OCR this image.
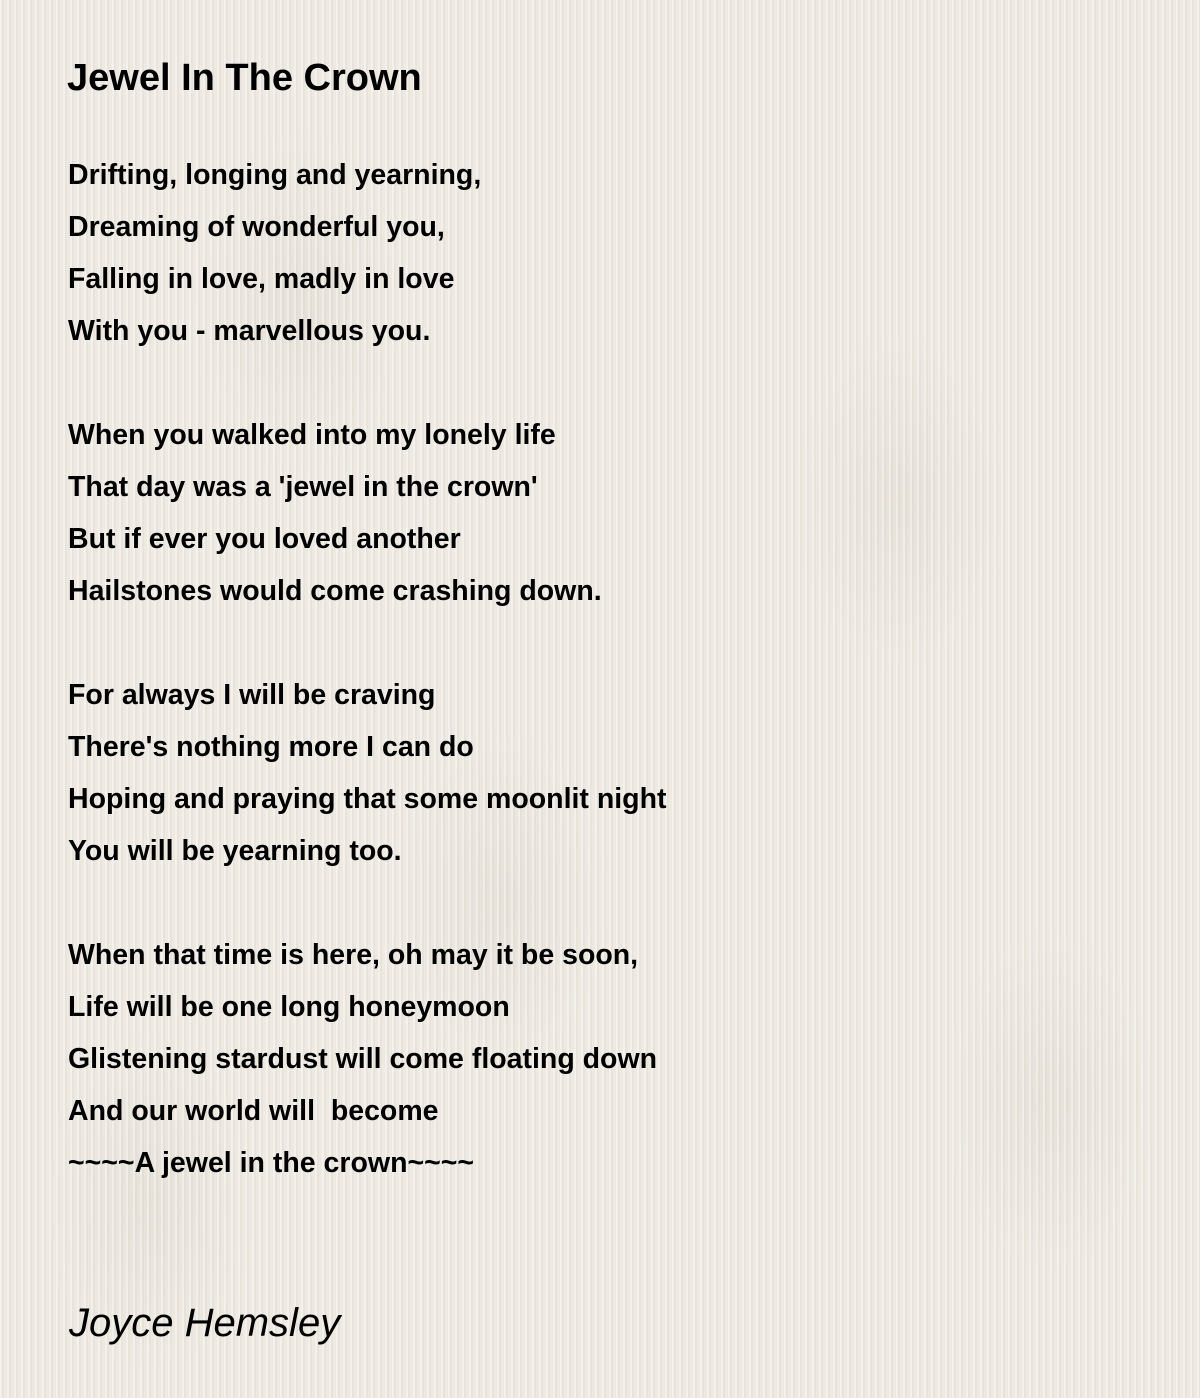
Jewel In The Crown
Drifting, longing and yearning,
Dreaming of wonderful you,
Falling in love, madly in love
With you - marvellous you.
When you walked into my lonely life
That day was a 'jewel in the crown'
But if ever you loved another
Hailstones would come crashing down.
For always I will be craving
There's nothing more I can do
Hoping and praying that some moonlit night
You will be yearning too.
When that time is here, oh may it be soon,
Life will be one long honeymoon
Glistening stardust will come floating down
And our world will  become
~~~~A jewel in the crown~~~~
Joyce Hemsley
